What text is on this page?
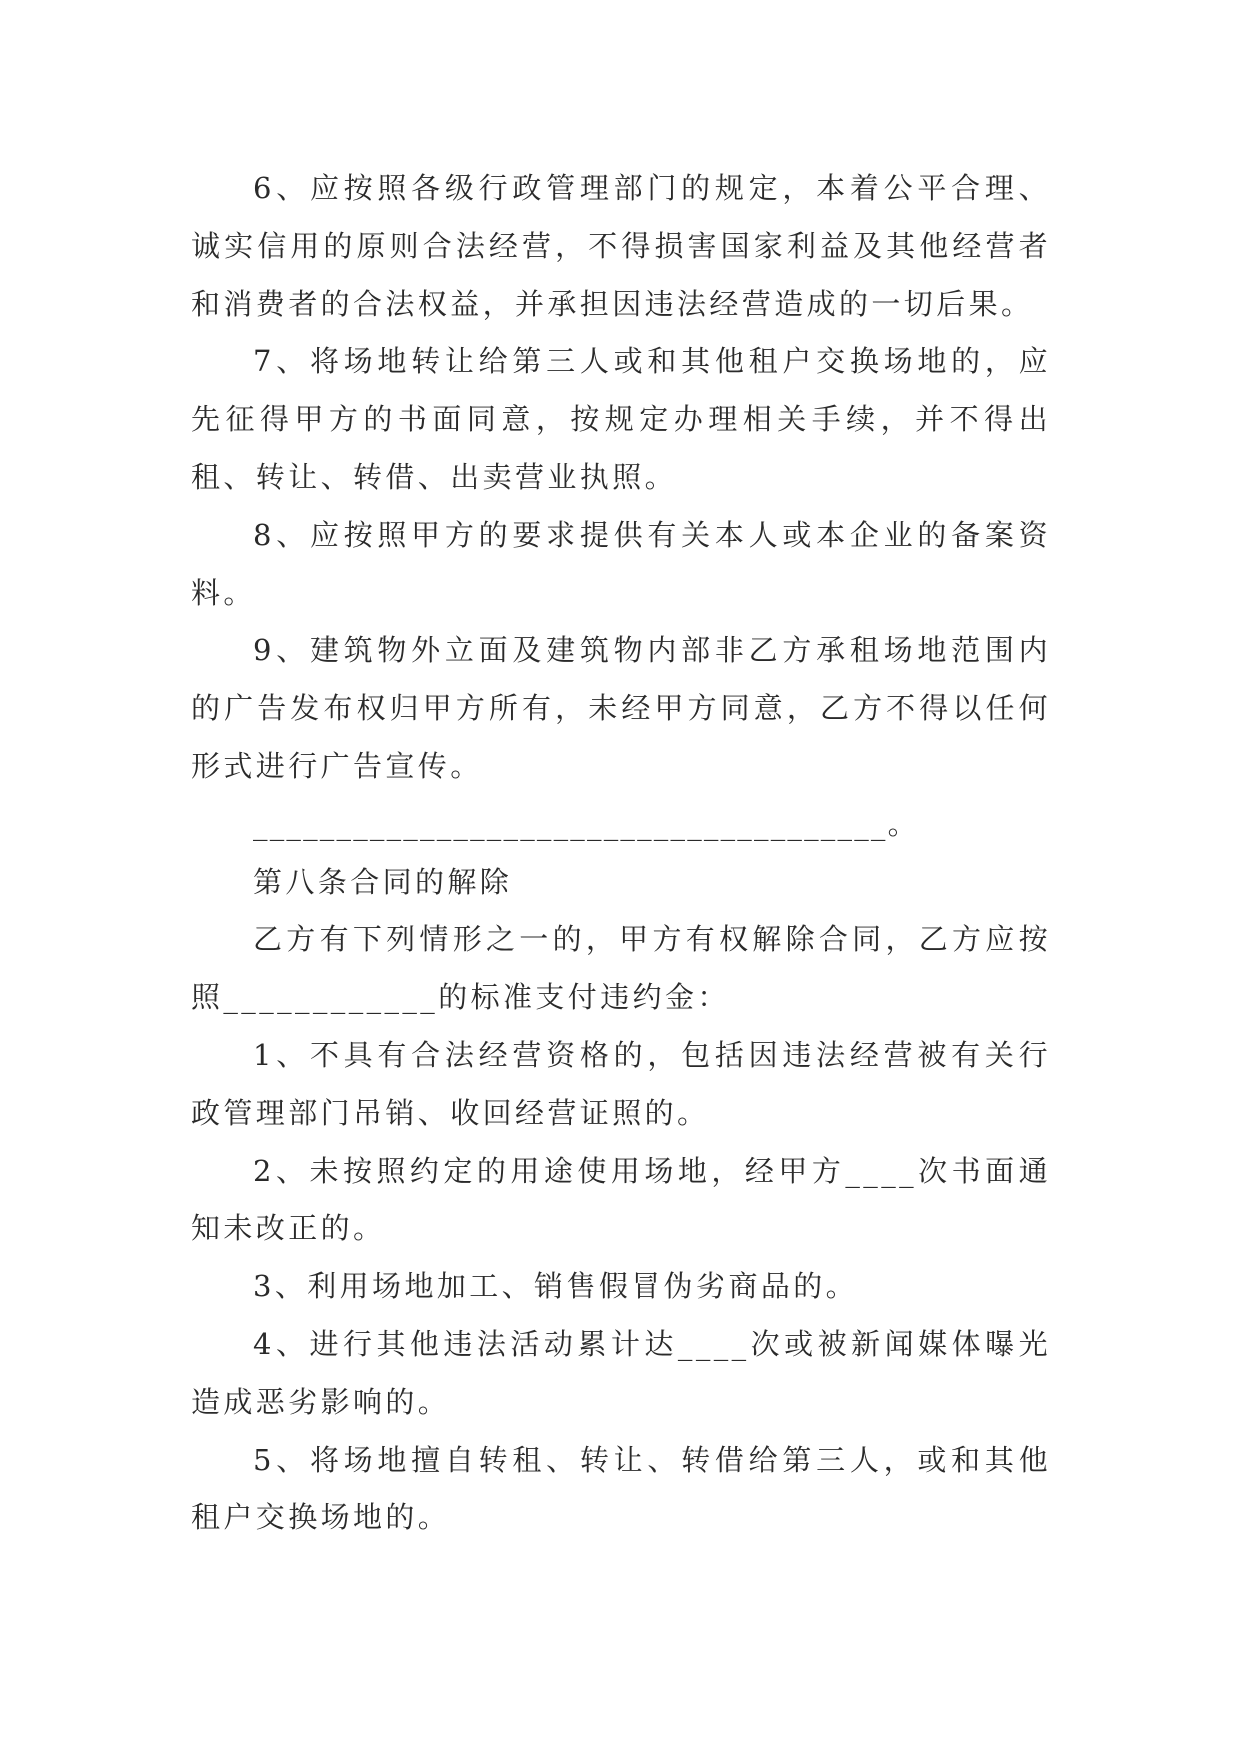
6、应按照各级行政管理部门的规定，本着公平合理、诚实信用的原则合法经营，不得损害国家利益及其他经营者和消费者的合法权益，并承担因违法经营造成的一切后果。

7、将场地转让给第三人或和其他租户交换场地的，应先征得甲方的书面同意，按规定办理相关手续，并不得出租、转让、转借、出卖营业执照。

8、应按照甲方的要求提供有关本人或本企业的备案资料。

9、建筑物外立面及建筑物内部非乙方承租场地范围内的广告发布权归甲方所有，未经甲方同意，乙方不得以任何形式进行广告宣传。

______________________________________。

第八条合同的解除

乙方有下列情形之一的，甲方有权解除合同，乙方应按照____________的标准支付违约金：

1、不具有合法经营资格的，包括因违法经营被有关行政管理部门吊销、收回经营证照的。

2、未按照约定的用途使用场地，经甲方____次书面通知未改正的。

3、利用场地加工、销售假冒伪劣商品的。

4、进行其他违法活动累计达____次或被新闻媒体曝光造成恶劣影响的。

5、将场地擅自转租、转让、转借给第三人，或和其他租户交换场地的。
